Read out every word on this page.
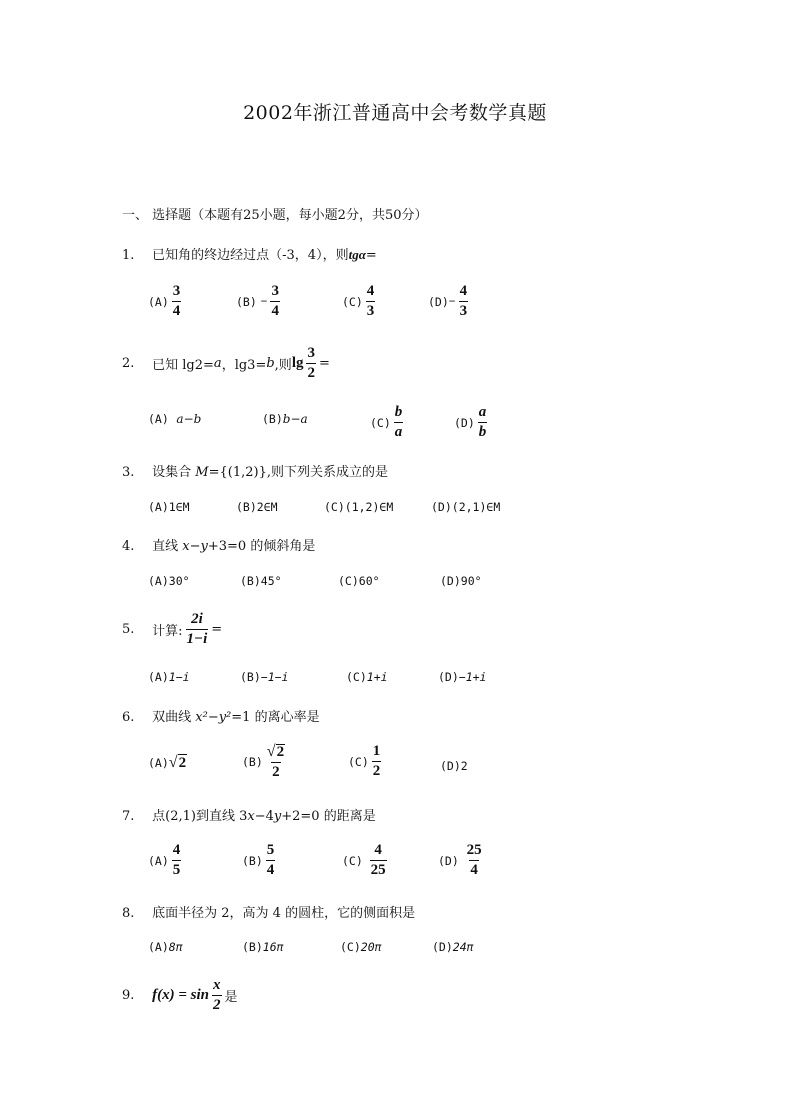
2002年浙江普通高中会考数学真题
一、 选择题（本题有25小题，每小题2分，共50分）
1. 已知角的终边经过点（-3，4），则tgα=
$(A) \frac{3}{4}$	(B)
− $\frac{3}{4}$	$(C) \frac{4}{3}$	$(D) - \frac{4}{3}$
2. 已知 lg2= a ，lg3= b ,则 $\lg \frac{3}{2}$ =
(A)
a−b	(B) b−a	$(C) \frac{b}{a}$	$(D) \frac{a}{b}$
3. 设集合 M={(1,2)},则下列关系成立的是
(A) 1∈M	(B) 2∈M	(C) (1,2)∈M	(D) (2,1)∈M
4. 直线 x−y+3=0 的倾斜角是
(A) 30°	(B) 45°	(C) 60°	(D) 90°
5. 计算: $\frac{2i}{1-i}$ =
(A) 1−i	(B) −1−i	(C) 1+i	(D) −1+i
6. 双曲线 x²−y²=1 的离心率是
(A) √ 2	$(B) \frac{√ 2}{2}$	$(C) \frac{1}{2}$	(D) 2
7. 点(2,1)到直线 3x−4y+2=0 的距离是
$(A) \frac{4}{5}$	$(B) \frac{5}{4}$	(C)
$\frac{4}{25}$	(D)
$\frac{25}{4}$
8. 底面半径为 2，高为 4 的圆柱，它的侧面积是
(A) 8π	(B) 16π	(C) 20π	(D) 24π
9. $f(x) = \sin \frac{x}{2}$ 是
